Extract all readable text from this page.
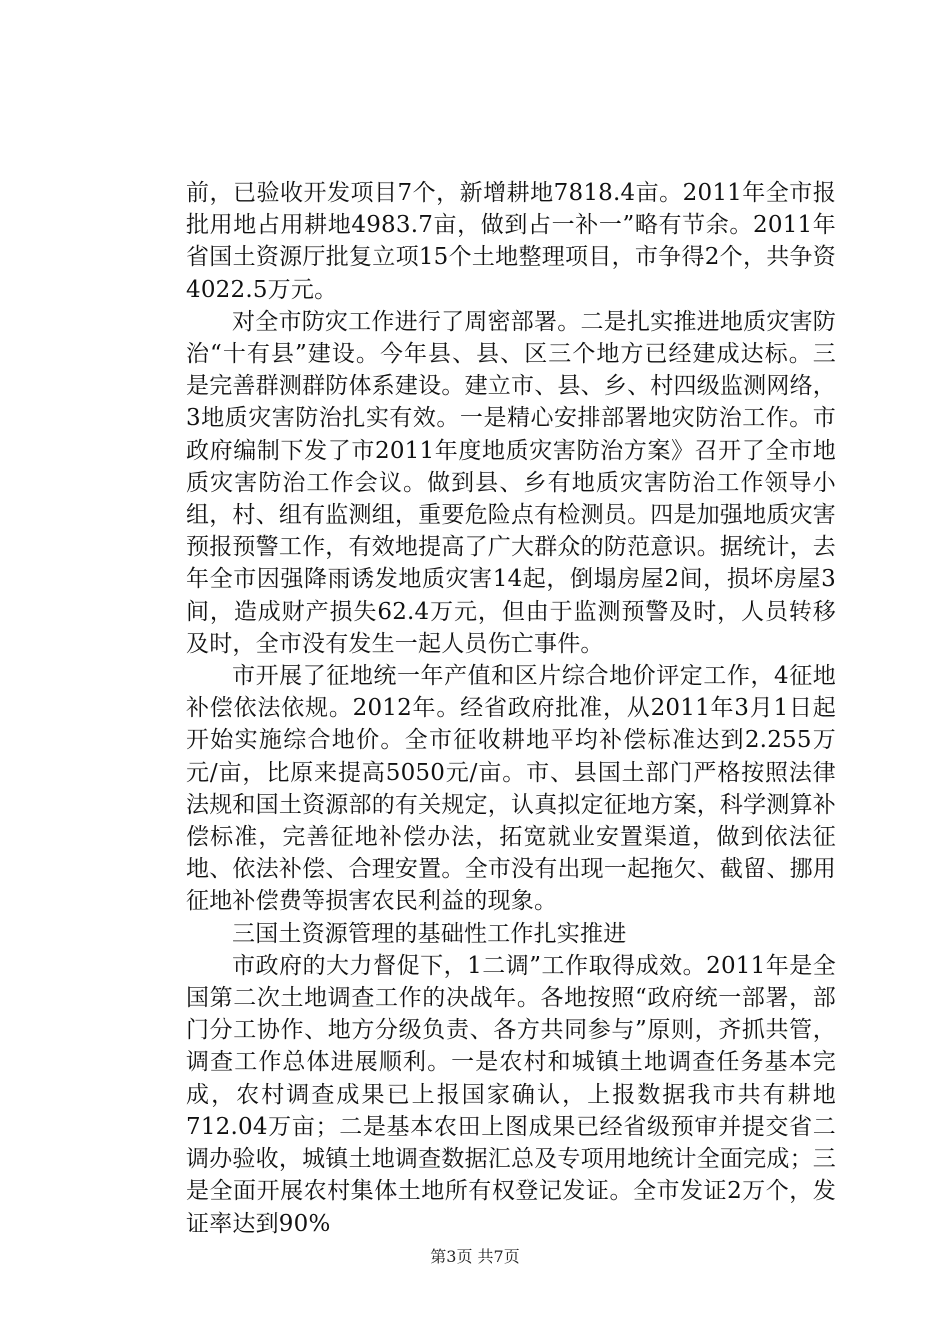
前，已验收开发项目7个，新增耕地7818.4亩。2011年全市报批用地占用耕地4983.7亩，做到占一补一”略有节余。2011年省国土资源厅批复立项15个土地整理项目，市争得2个，共争资4022.5万元。

对全市防灾工作进行了周密部署。二是扎实推进地质灾害防治“十有县”建设。今年县、县、区三个地方已经建成达标。三是完善群测群防体系建设。建立市、县、乡、村四级监测网络，3地质灾害防治扎实有效。一是精心安排部署地灾防治工作。市政府编制下发了市2011年度地质灾害防治方案》召开了全市地质灾害防治工作会议。做到县、乡有地质灾害防治工作领导小组，村、组有监测组，重要危险点有检测员。四是加强地质灾害预报预警工作，有效地提高了广大群众的防范意识。据统计，去年全市因强降雨诱发地质灾害14起，倒塌房屋2间，损坏房屋3间，造成财产损失62.4万元，但由于监测预警及时，人员转移及时，全市没有发生一起人员伤亡事件。

市开展了征地统一年产值和区片综合地价评定工作，4征地补偿依法依规。2012年。经省政府批准，从2011年3月1日起开始实施综合地价。全市征收耕地平均补偿标准达到2.255万元/亩，比原来提高5050元/亩。市、县国土部门严格按照法律法规和国土资源部的有关规定，认真拟定征地方案，科学测算补偿标准，完善征地补偿办法，拓宽就业安置渠道，做到依法征地、依法补偿、合理安置。全市没有出现一起拖欠、截留、挪用征地补偿费等损害农民利益的现象。

三国土资源管理的基础性工作扎实推进

市政府的大力督促下，1二调”工作取得成效。2011年是全国第二次土地调查工作的决战年。各地按照“政府统一部署，部门分工协作、地方分级负责、各方共同参与”原则，齐抓共管，调查工作总体进展顺利。一是农村和城镇土地调查任务基本完成，农村调查成果已上报国家确认，上报数据我市共有耕地712.04万亩；二是基本农田上图成果已经省级预审并提交省二调办验收，城镇土地调查数据汇总及专项用地统计全面完成；三是全面开展农村集体土地所有权登记发证。全市发证2万个，发证率达到90%

第3页 共7页
